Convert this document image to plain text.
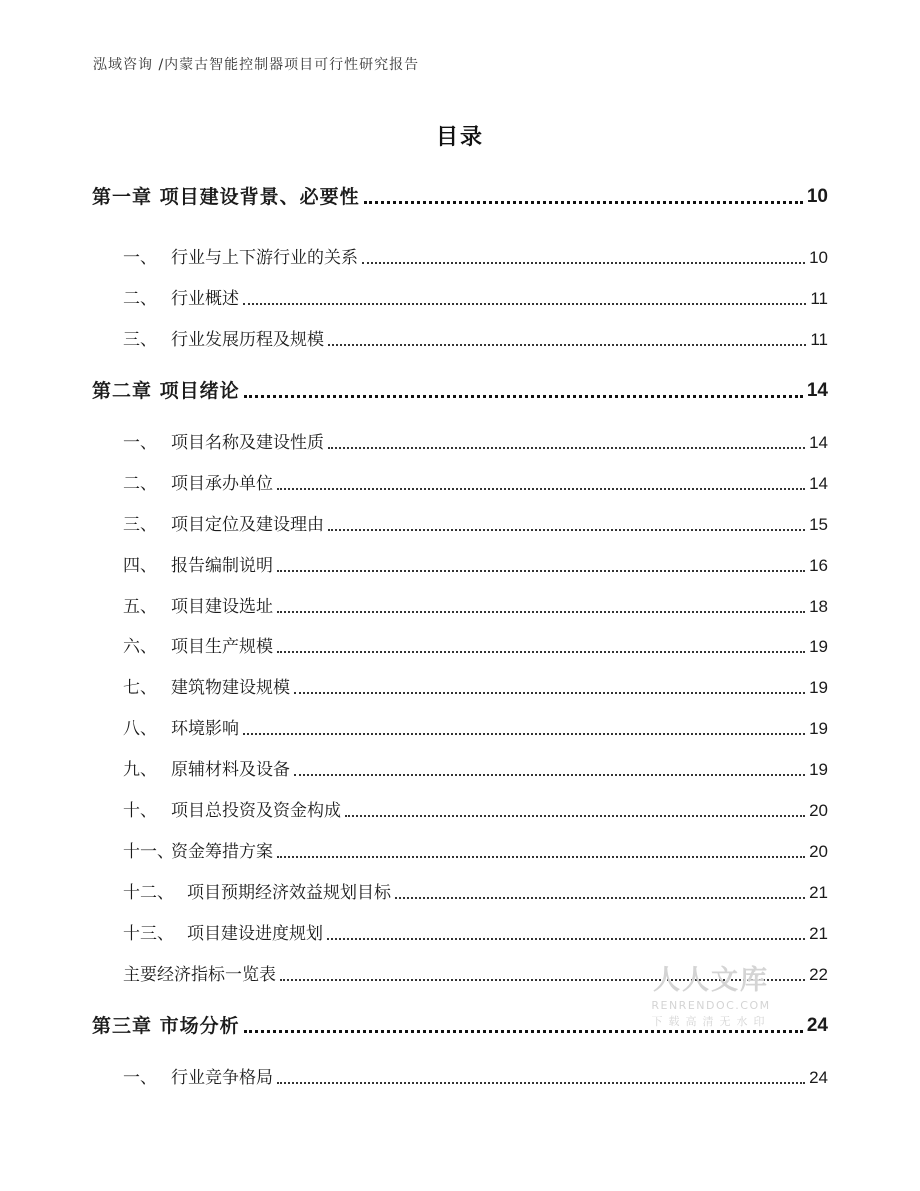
泓域咨询 /内蒙古智能控制器项目可行性研究报告
目录
第一章 项目建设背景、必要性	10
一、 行业与上下游行业的关系	10
二、 行业概述	11
三、 行业发展历程及规模	11
第二章 项目绪论	14
一、 项目名称及建设性质	14
二、 项目承办单位	14
三、 项目定位及建设理由	15
四、 报告编制说明	16
五、 项目建设选址	18
六、 项目生产规模	19
七、 建筑物建设规模	19
八、 环境影响	19
九、 原辅材料及设备	19
十、 项目总投资及资金构成	20
十一、资金筹措方案	20
十二、 项目预期经济效益规划目标	21
十三、 项目建设进度规划	21
主要经济指标一览表	22
第三章 市场分析	24
一、 行业竞争格局	24
人人文库
RENRENDOC.COM
下载高清无水印
